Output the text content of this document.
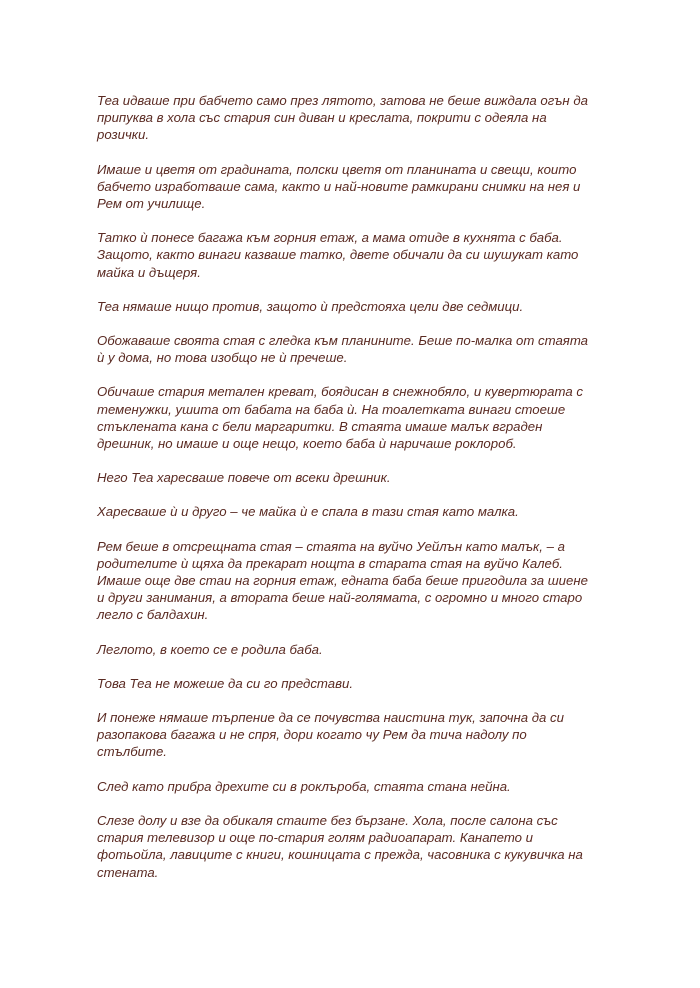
Теа идваше при бабчето само през лятото, затова не беше виждала огън да
припуква в хола със стария син диван и креслата, покрити с одеяла на
розички.

Имаше и цветя от градината, полски цветя от планината и свещи, които
бабчето изработваше сама, както и най-новите рамкирани снимки на нея и
Рем от училище.

Татко ѝ понесе багажа към горния етаж, а мама отиде в кухнята с баба.
Защото, както винаги казваше татко, двете обичали да си шушукат като
майка и дъщеря.

Теа нямаше нищо против, защото ѝ предстояха цели две седмици.

Обожаваше своята стая с гледка към планините. Беше по-малка от стаята
ѝ у дома, но това изобщо не ѝ пречеше.

Обичаше стария метален креват, боядисан в снежнобяло, и кувертюрата с
теменужки, ушита от бабата на баба ѝ. На тоалетката винаги стоеше
стъклената кана с бели маргаритки. В стаята имаше малък вграден
дрешник, но имаше и още нещо, което баба ѝ наричаше роклороб.

Него Теа харесваше повече от всеки дрешник.

Харесваше ѝ и друго – че майка ѝ е спала в тази стая като малка.

Рем беше в отсрещната стая – стаята на вуйчо Уейлън като малък, – а
родителите ѝ щяха да прекарат нощта в старата стая на вуйчо Калеб.
Имаше още две стаи на горния етаж, едната баба беше пригодила за шиене
и други занимания, а втората беше най-голямата, с огромно и много старо
легло с балдахин.

Леглото, в което се е родила баба.

Това Теа не можеше да си го представи.

И понеже нямаше търпение да се почувства наистина тук, започна да си
разопакова багажа и не спря, дори когато чу Рем да тича надолу по
стълбите.

След като прибра дрехите си в роклъроба, стаята стана нейна.

Слезе долу и взе да обикаля стаите без бързане. Хола, после салона със
стария телевизор и още по-стария голям радиоапарат. Канапето и
фотьойла, лавиците с книги, кошницата с прежда, часовника с кукувичка на
стената.
